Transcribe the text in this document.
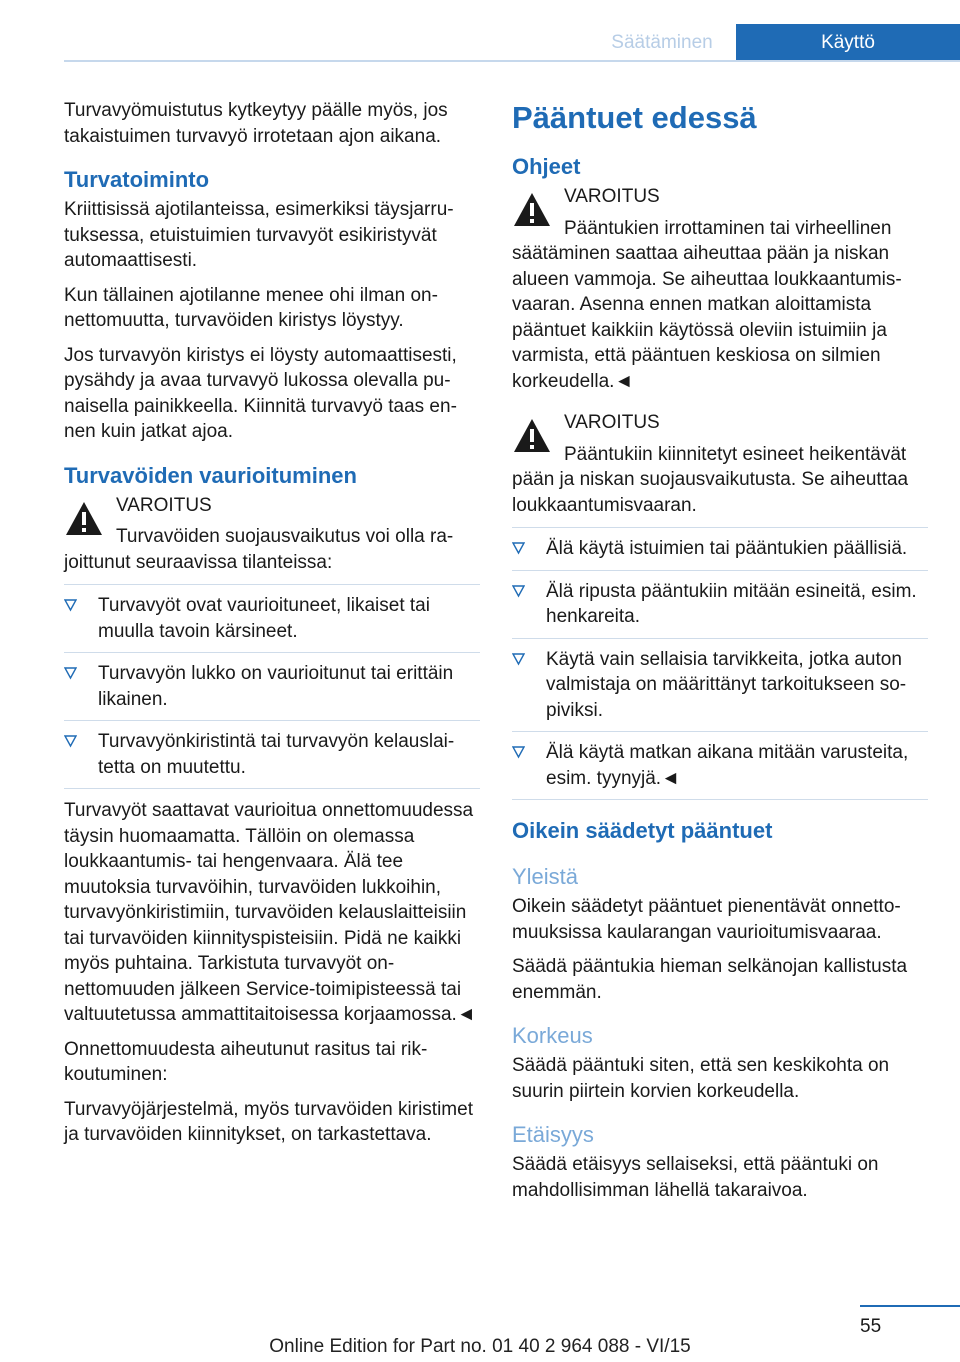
Säätäminen	Käyttö

Turvavyömuistutus kytkeytyy päälle myös, jos takaistuimen turvavyö irrotetaan ajon aikana.

Turvatoiminto

Kriittisissä ajotilanteissa, esimerkiksi täysjarrutuksessa, etuistuimien turvavyöt esikiristyvät automaattisesti.

Kun tällainen ajotilanne menee ohi ilman onnettomuutta, turvavöiden kiristys löystyy.

Jos turvavyön kiristys ei löysty automaattisesti, pysähdy ja avaa turvavyö lukossa olevalla punaisella painikkeella. Kiinnitä turvavyö taas ennen kuin jatkat ajoa.

Turvavöiden vaurioituminen
VAROITUS
Turvavöiden suojausvaikutus voi olla rajoittunut seuraavissa tilanteissa:
Turvavyöt ovat vaurioituneet, likaiset tai muulla tavoin kärsineet.
Turvavyön lukko on vaurioitunut tai erittäin likainen.
Turvavyönkiristintä tai turvavyön kelauslaitetta on muutettu.

Turvavyöt saattavat vaurioitua onnettomuudessa täysin huomaamatta. Tällöin on olemassa loukkaantumis- tai hengenvaara. Älä tee muutoksia turvavöihin, turvavöiden lukkoihin, turvavyönkiristimiin, turvavöiden kelauslaitteisiin tai turvavöiden kiinnityspisteisiin. Pidä ne kaikki myös puhtaina. Tarkistuta turvavyöt onnettomuuden jälkeen Service-toimipisteessä tai valtuutetussa ammattitaitoisessa korjaamossa.◄

Onnettomuudesta aiheutunut rasitus tai rikkoutuminen:

Turvavyöjärjestelmä, myös turvavöiden kiristimet ja turvavöiden kiinnitykset, on tarkastettava.

Pääntuet edessä
Ohjeet
VAROITUS
Pääntukien irrottaminen tai virheellinen säätäminen saattaa aiheuttaa pään ja niskan alueen vammoja. Se aiheuttaa loukkaantumisvaaran. Asenna ennen matkan aloittamista pääntuet kaikkiin käytössä oleviin istuimiin ja varmista, että pääntuen keskiosa on silmien korkeudella.◄
VAROITUS
Pääntukiin kiinnitetyt esineet heikentävät pään ja niskan suojausvaikutusta. Se aiheuttaa loukkaantumisvaaran.
Älä käytä istuimien tai pääntukien päällisiä.
Älä ripusta pääntukiin mitään esineitä, esim. henkareita.
Käytä vain sellaisia tarvikkeita, jotka auton valmistaja on määrittänyt tarkoitukseen sopiviksi.
Älä käytä matkan aikana mitään varusteita, esim. tyynyjä.◄
Oikein säädetyt pääntuet
Yleistä

Oikein säädetyt pääntuet pienentävät onnettomuuksissa kaularangan vaurioitumisvaaraa.

Säädä pääntukia hieman selkänojan kallistusta enemmän.

Korkeus

Säädä pääntuki siten, että sen keskikohta on suurin piirtein korvien korkeudella.

Etäisyys

Säädä etäisyys sellaiseksi, että pääntuki on mahdollisimman lähellä takaraivoa.

55
Online Edition for Part no. 01 40 2 964 088 - VI/15
